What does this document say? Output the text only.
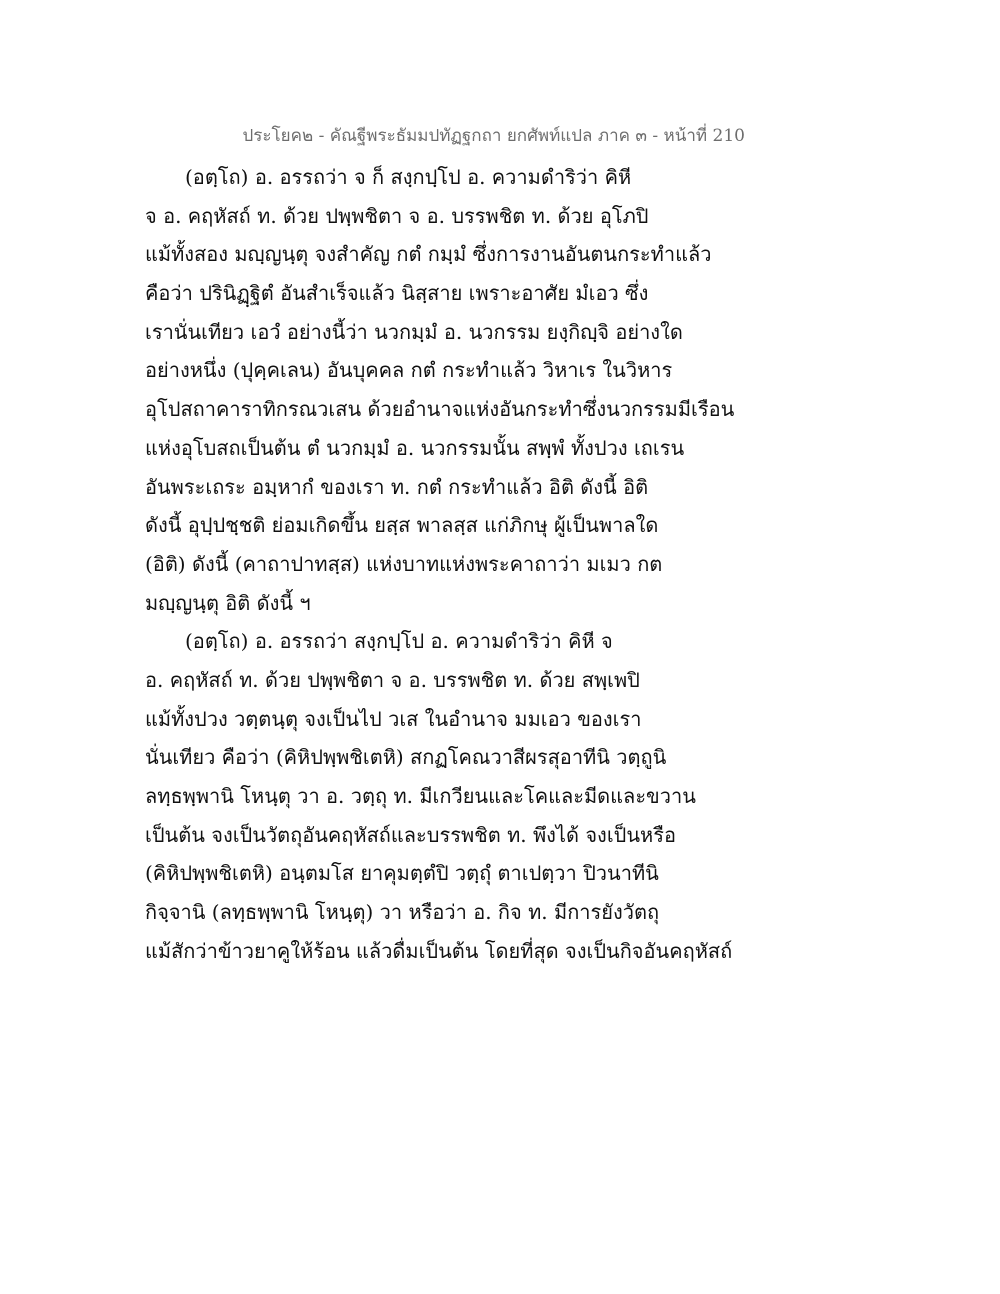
ประโยค๒ - คัณฐีพระธัมมปทัฏฐกถา ยกศัพท์แปล ภาค ๓ - หน้าที่ 210
(อตฺโถ) อ. อรรถว่า จ ก็ สงฺกปฺโป อ. ความดำริว่า คิหี
จ อ. คฤหัสถ์ ท. ด้วย ปพฺพชิตา จ อ. บรรพชิต ท. ด้วย อุโภปิ
แม้ทั้งสอง มญฺญนฺตุ จงสำคัญ กตํ กมฺมํ ซึ่งการงานอันตนกระทำแล้ว
คือว่า ปรินิฏฺฐิตํ อันสำเร็จแล้ว นิสฺสาย เพราะอาศัย มํเอว ซึ่ง
เรานั่นเทียว เอวํ อย่างนี้ว่า นวกมฺมํ อ. นวกรรม ยงฺกิญฺจิ อย่างใด
อย่างหนึ่ง (ปุคฺคเลน) อันบุคคล กตํ กระทำแล้ว วิหาเร ในวิหาร
อุโปสถาคาราทิกรณวเสน ด้วยอำนาจแห่งอันกระทำซึ่งนวกรรมมีเรือน
แห่งอุโบสถเป็นต้น ตํ นวกมฺมํ อ. นวกรรมนั้น สพฺพํ ทั้งปวง เถเรน
อันพระเถระ อมฺหากํ ของเรา ท. กตํ กระทำแล้ว อิติ ดังนี้ อิติ
ดังนี้ อุปฺปชฺชติ ย่อมเกิดขึ้น ยสฺส พาลสฺส แก่ภิกษุ ผู้เป็นพาลใด
(อิติ) ดังนี้ (คาถาปาทสฺส) แห่งบาทแห่งพระคาถาว่า มเมว กต
มญฺญนฺตุ อิติ ดังนี้ ฯ
(อตฺโถ) อ. อรรถว่า สงฺกปฺโป อ. ความดำริว่า คิหี จ
อ. คฤหัสถ์ ท. ด้วย ปพฺพชิตา จ อ. บรรพชิต ท. ด้วย สพฺเพปิ
แม้ทั้งปวง วตฺตนฺตุ จงเป็นไป วเส ในอำนาจ มมเอว ของเรา
นั่นเทียว คือว่า (คิหิปพฺพชิเตหิ) สกฏโคณวาสีผรสุอาทีนิ วตฺถูนิ
ลทฺธพฺพานิ โหนฺตุ วา อ. วตฺถุ ท. มีเกวียนและโคและมีดและขวาน
เป็นต้น จงเป็นวัตถุอันคฤหัสถ์และบรรพชิต ท. พึงได้ จงเป็นหรือ
(คิหิปพฺพชิเตหิ) อนฺตมโส ยาคุมตฺตํปิ วตฺถุํ ตาเปตฺวา ปิวนาทีนิ
กิจฺจานิ (ลทฺธพฺพานิ โหนฺตุ) วา หรือว่า อ. กิจ ท. มีการยังวัตถุ
แม้สักว่าข้าวยาคูให้ร้อน แล้วดื่มเป็นต้น โดยที่สุด จงเป็นกิจอันคฤหัสถ์
